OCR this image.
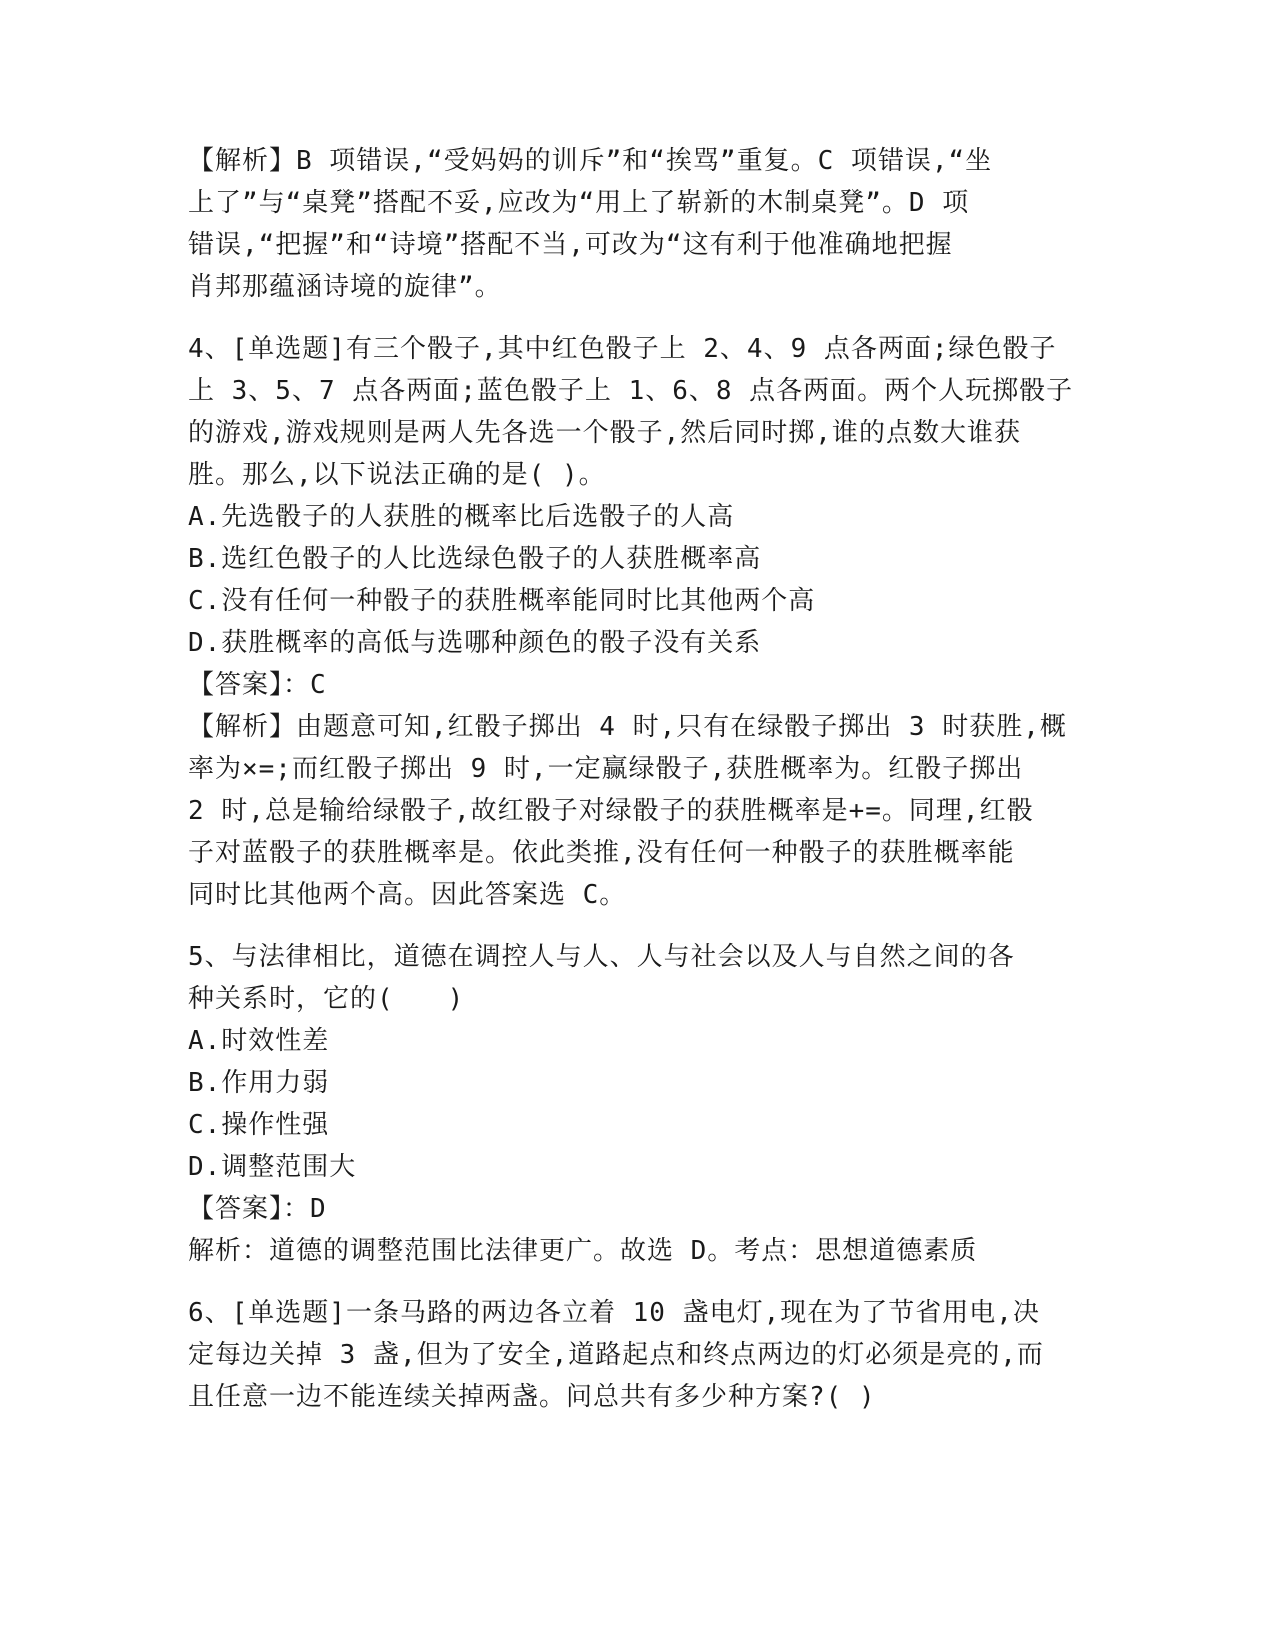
【解析】B 项错误,“受妈妈的训斥”和“挨骂”重复。C 项错误,“坐

上了”与“桌凳”搭配不妥,应改为“用上了崭新的木制桌凳”。D 项

错误,“把握”和“诗境”搭配不当,可改为“这有利于他准确地把握

肖邦那蕴涵诗境的旋律”。

4、[单选题]有三个骰子,其中红色骰子上 2、4、9 点各两面;绿色骰子

上 3、5、7 点各两面;蓝色骰子上 1、6、8 点各两面。两个人玩掷骰子

的游戏,游戏规则是两人先各选一个骰子,然后同时掷,谁的点数大谁获

胜。那么,以下说法正确的是( )。

A.先选骰子的人获胜的概率比后选骰子的人高

B.选红色骰子的人比选绿色骰子的人获胜概率高

C.没有任何一种骰子的获胜概率能同时比其他两个高

D.获胜概率的高低与选哪种颜色的骰子没有关系

【答案】：C

【解析】由题意可知,红骰子掷出 4 时,只有在绿骰子掷出 3 时获胜,概

率为×=;而红骰子掷出 9 时,一定赢绿骰子,获胜概率为。红骰子掷出

2 时,总是输给绿骰子,故红骰子对绿骰子的获胜概率是+=。同理,红骰

子对蓝骰子的获胜概率是。依此类推,没有任何一种骰子的获胜概率能

同时比其他两个高。因此答案选 C。

5、与法律相比，道德在调控人与人、人与社会以及人与自然之间的各

种关系时，它的(　　)

A.时效性差

B.作用力弱

C.操作性强

D.调整范围大

【答案】：D

解析：道德的调整范围比法律更广。故选 D。考点：思想道德素质

6、[单选题]一条马路的两边各立着 10 盏电灯,现在为了节省用电,决

定每边关掉 3 盏,但为了安全,道路起点和终点两边的灯必须是亮的,而

且任意一边不能连续关掉两盏。问总共有多少种方案?( )
